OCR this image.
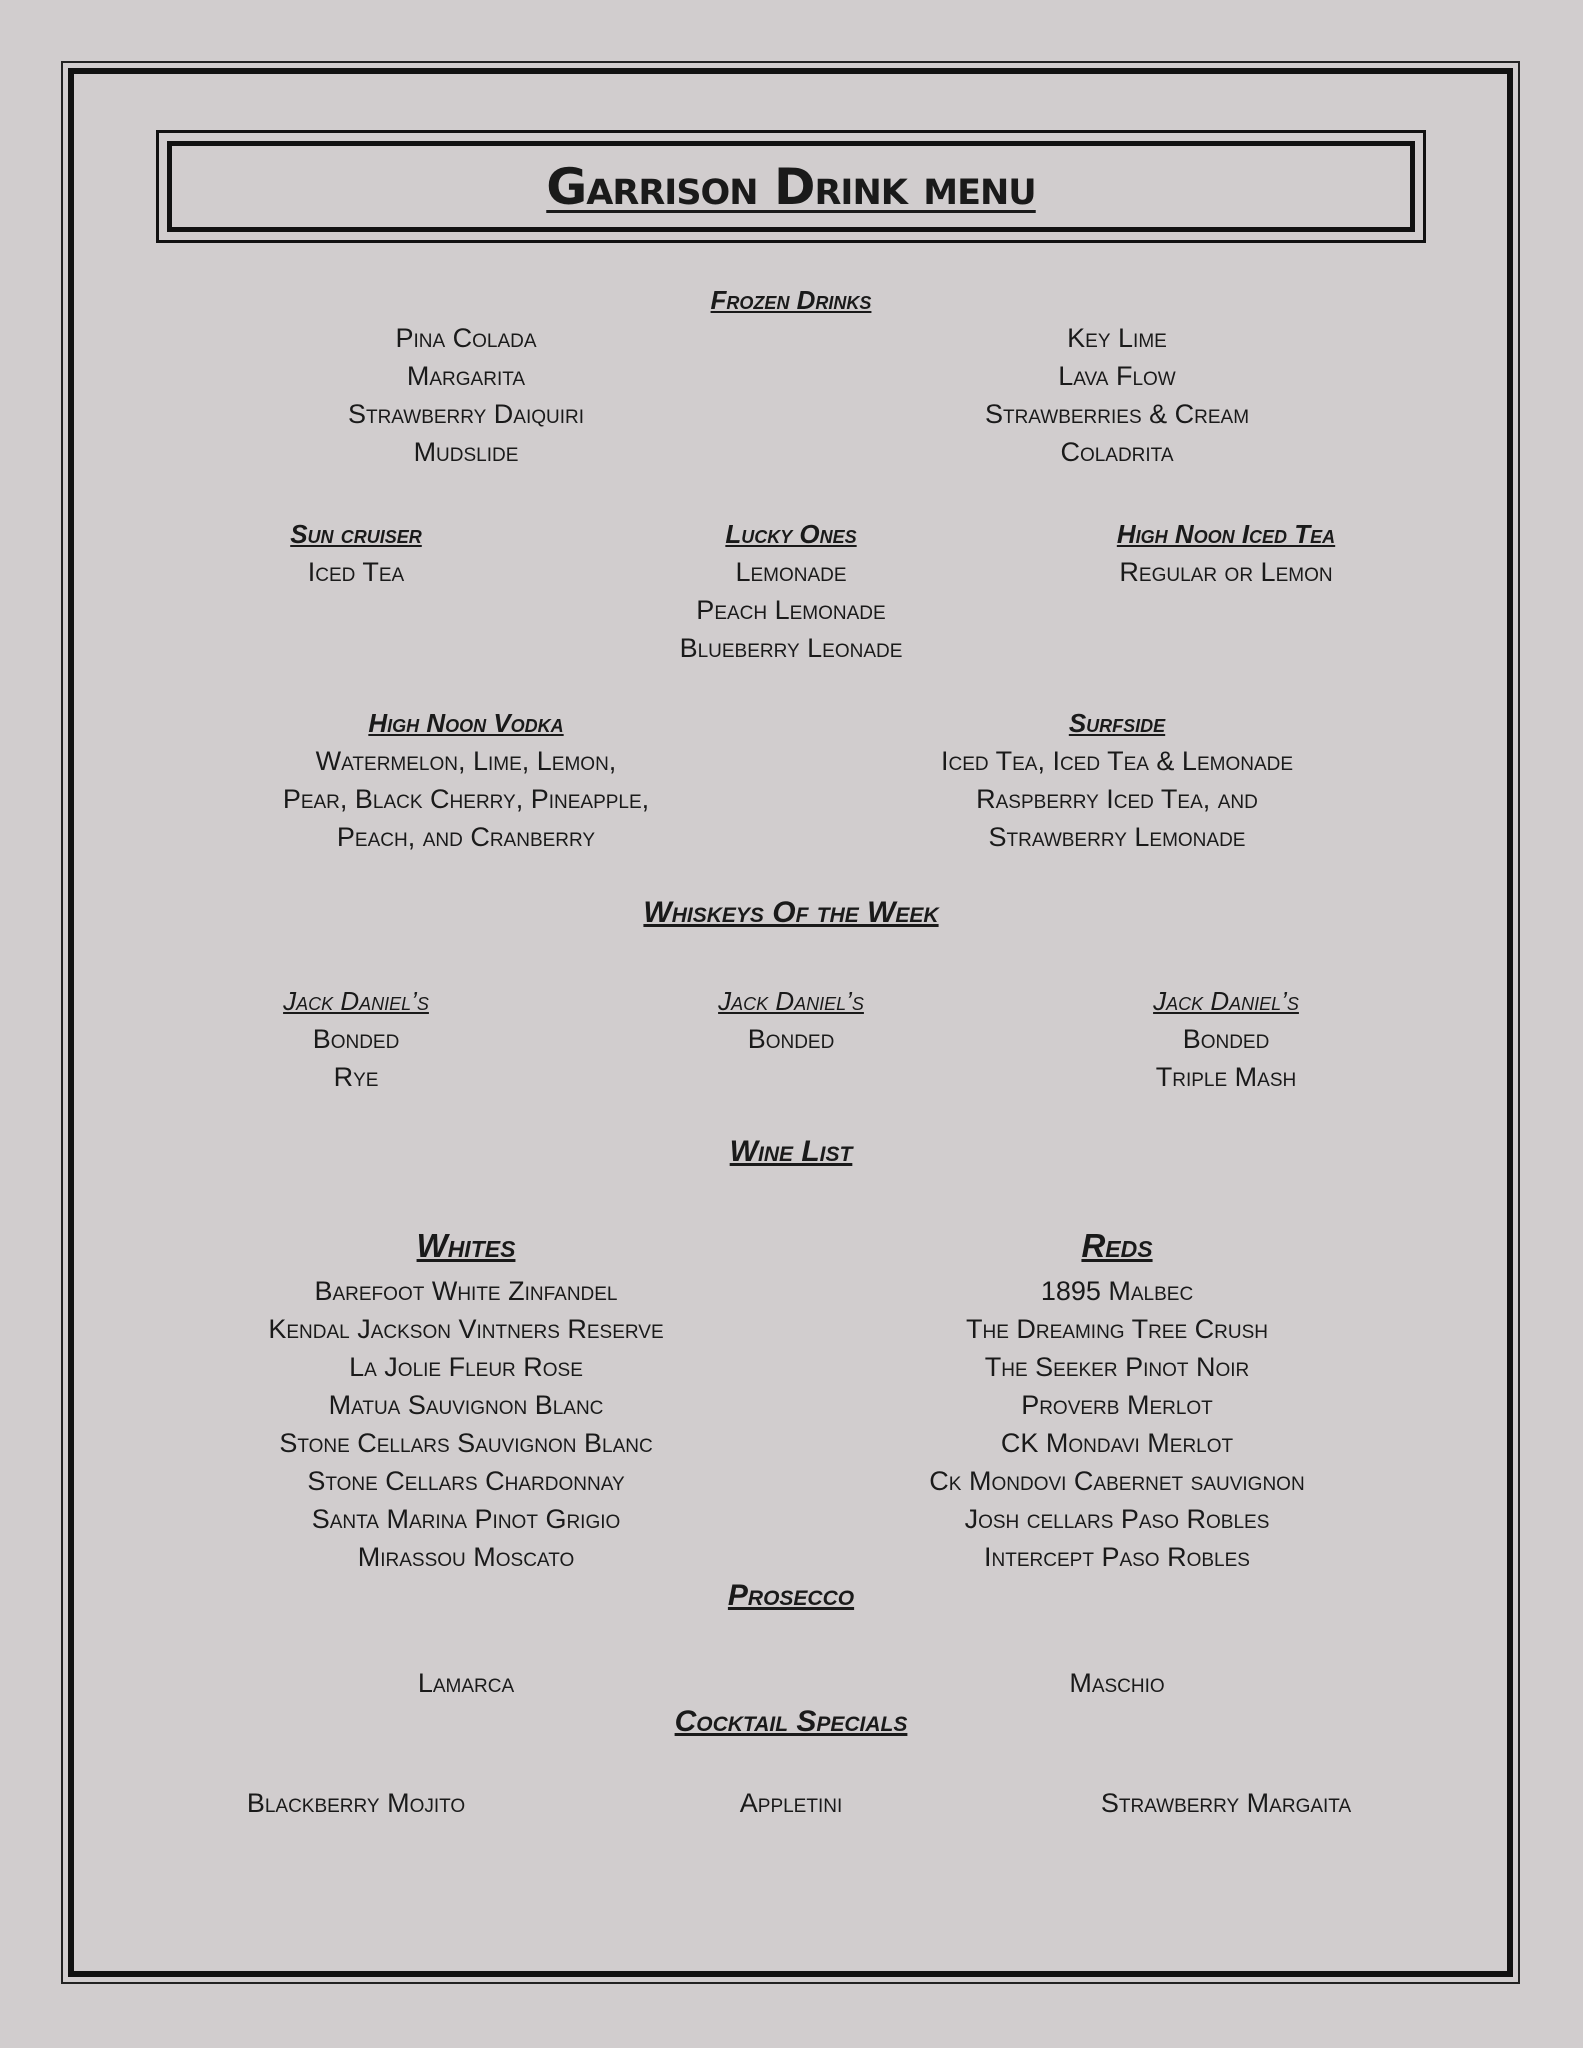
Garrison Drink menu
Frozen Drinks
Pina Colada
Margarita
Strawberry Daiquiri
Mudslide
Key Lime
Lava Flow
Strawberries & Cream
Coladrita
Sun cruiser
Iced Tea
Lucky Ones
Lemonade
Peach Lemonade
Blueberry Leonade
High Noon Iced Tea
Regular or Lemon
High Noon Vodka
Watermelon, Lime, Lemon,
Pear, Black Cherry, Pineapple,
Peach, and Cranberry
Surfside
Iced Tea, Iced Tea & Lemonade
Raspberry Iced Tea, and
Strawberry Lemonade
Whiskeys Of the Week
Jack Daniel’s
Bonded
Rye
Jack Daniel’s
Bonded
Jack Daniel’s
Bonded
Triple Mash
Wine List
Whites
Barefoot White Zinfandel
Kendal Jackson Vintners Reserve
La Jolie Fleur Rose
Matua Sauvignon Blanc
Stone Cellars Sauvignon Blanc
Stone Cellars Chardonnay
Santa Marina Pinot Grigio
Mirassou Moscato
Reds
1895 Malbec
The Dreaming Tree Crush
The Seeker Pinot Noir
Proverb Merlot
CK Mondavi Merlot
Ck Mondovi Cabernet sauvignon
Josh cellars Paso Robles
Intercept Paso Robles
Prosecco
Lamarca	Maschio
Cocktail Specials
Blackberry Mojito	Appletini	Strawberry Margaita
